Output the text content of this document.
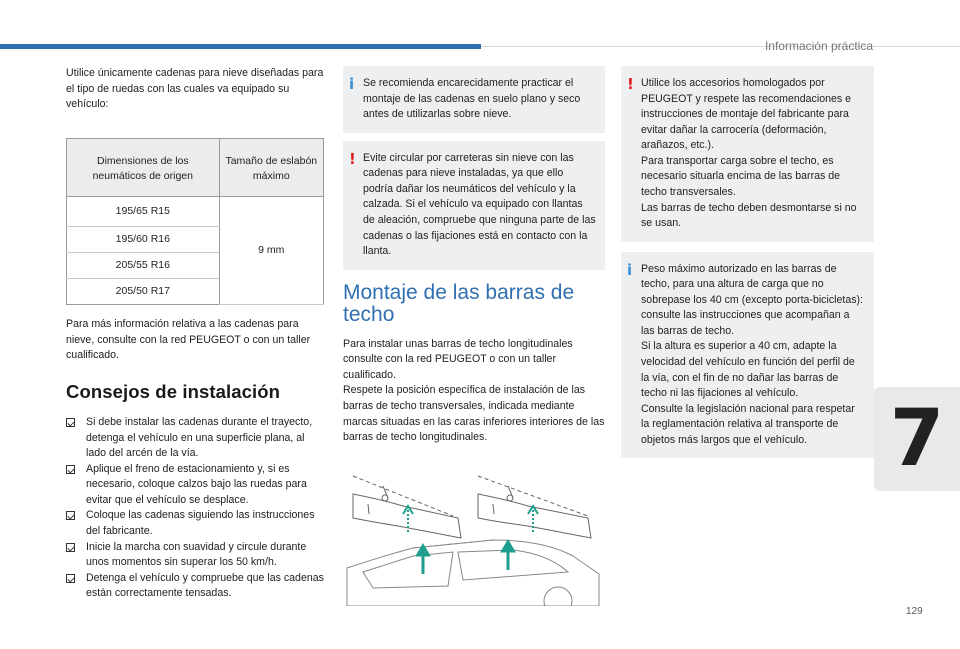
Información práctica
7
129

Utilice únicamente cadenas para nieve diseñadas para el tipo de ruedas con las cuales va equipado su vehículo:

Dimensiones de los neumáticos de origen	Tamaño de eslabón máximo
195/65 R15	9 mm
195/60 R16	
205/55 R16	
205/50 R17	

Para más información relativa a las cadenas para nieve, consulte con la red PEUGEOT o con un taller cualificado.

Consejos de instalación
Si debe instalar las cadenas durante el trayecto, detenga el vehículo en una superficie plana, al lado del arcén de la vía.
Aplique el freno de estacionamiento y, si es necesario, coloque calzos bajo las ruedas para evitar que el vehículo se desplace.
Coloque las cadenas siguiendo las instrucciones del fabricante.
Inicie la marcha con suavidad y circule durante unos momentos sin superar los 50 km/h.
Detenga el vehículo y compruebe que las cadenas están correctamente tensadas.
i Se recomienda encarecidamente practicar el montaje de las cadenas en suelo plano y seco antes de utilizarlas sobre nieve.

! Evite circular por carreteras sin nieve con las cadenas para nieve instaladas, ya que ello podría dañar los neumáticos del vehículo y la calzada. Si el vehículo va equipado con llantas de aleación, compruebe que ninguna parte de las cadenas o las fijaciones está en contacto con la llanta.

Montaje de las barras de techo

Para instalar unas barras de techo longitudinales consulte con la red PEUGEOT o con un taller cualificado.

Respete la posición específica de instalación de las barras de techo transversales, indicada mediante marcas situadas en las caras inferiores interiores de las barras de techo longitudinales.

! Utilice los accesorios homologados por PEUGEOT y respete las recomendaciones e instrucciones de montaje del fabricante para evitar dañar la carrocería (deformación, arañazos, etc.).

Para transportar carga sobre el techo, es necesario situarla encima de las barras de techo transversales.

Las barras de techo deben desmontarse si no se usan.

i Peso máximo autorizado en las barras de techo, para una altura de carga que no sobrepase los 40 cm (excepto porta-bicicletas): consulte las instrucciones que acompañan a las barras de techo.

Si la altura es superior a 40 cm, adapte la velocidad del vehículo en función del perfil de la vía, con el fin de no dañar las barras de techo ni las fijaciones al vehículo.

Consulte la legislación nacional para respetar la reglamentación relativa al transporte de objetos más largos que el vehículo.
